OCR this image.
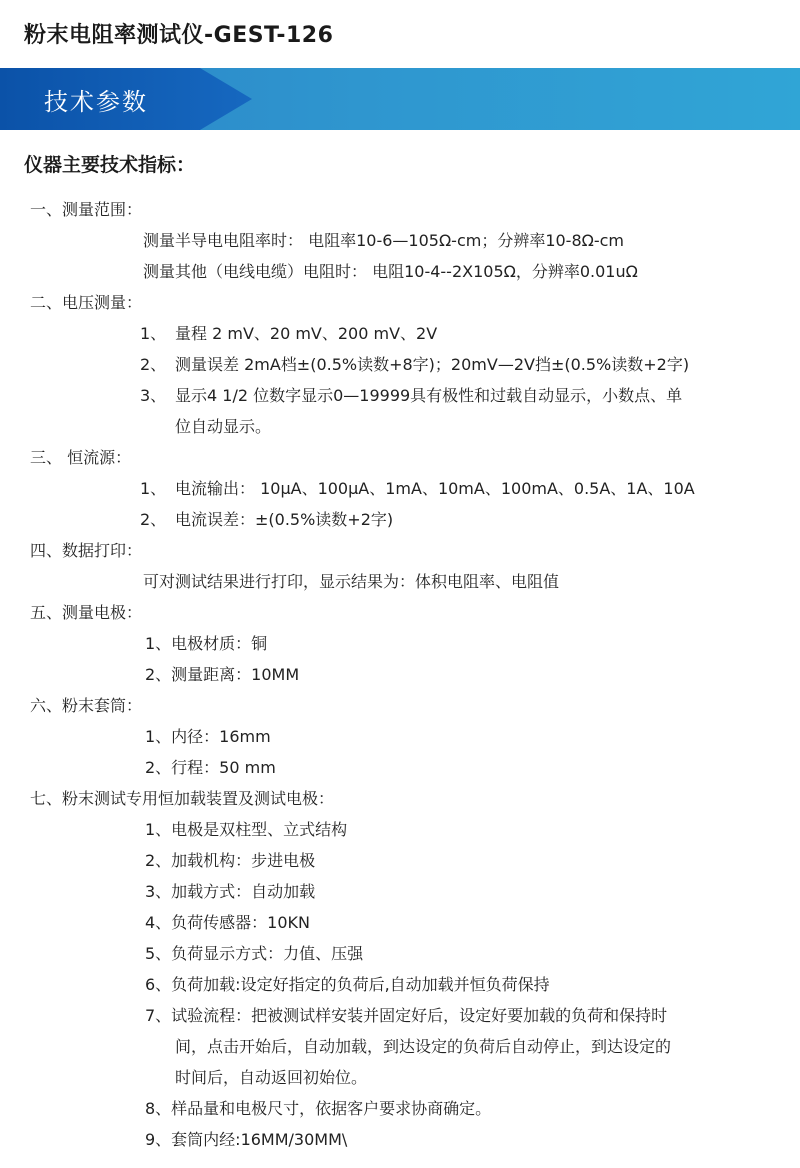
粉末电阻率测试仪-GEST-126
技术参数
仪器主要技术指标：
一、测量范围：
测量半导电电阻率时： 电阻率10-6—105Ω-cm；分辨率10-8Ω-cm
测量其他（电线电缆）电阻时： 电阻10-4--2X105Ω，分辨率0.01uΩ
二、电压测量：
1、 量程 2 mV、20 mV、200 mV、2V
2、 测量误差 2mA档±(0.5%读数+8字)；20mV—2V挡±(0.5%读数+2字)
3、 显示4 1/2 位数字显示0—19999具有极性和过载自动显示，小数点、单
位自动显示。
三、 恒流源：
1、 电流输出： 10μA、100μA、1mA、10mA、100mA、0.5A、1A、10A
2、 电流误差：±(0.5%读数+2字)
四、数据打印：
可对测试结果进行打印，显示结果为：体积电阻率、电阻值
五、测量电极：
1、电极材质：铜
2、测量距离：10MM
六、粉末套筒：
1、内径：16mm
2、行程：50 mm
七、粉末测试专用恒加载装置及测试电极：
1、电极是双柱型、立式结构
2、加载机构：步进电极
3、加载方式：自动加载
4、负荷传感器：10KN
5、负荷显示方式：力值、压强
6、负荷加载:设定好指定的负荷后,自动加载并恒负荷保持
7、试验流程：把被测试样安装并固定好后，设定好要加载的负荷和保持时
间，点击开始后，自动加载，到达设定的负荷后自动停止，到达设定的
时间后，自动返回初始位。
8、样品量和电极尺寸，依据客户要求协商确定。
9、套筒内经:16MM/30MM\
